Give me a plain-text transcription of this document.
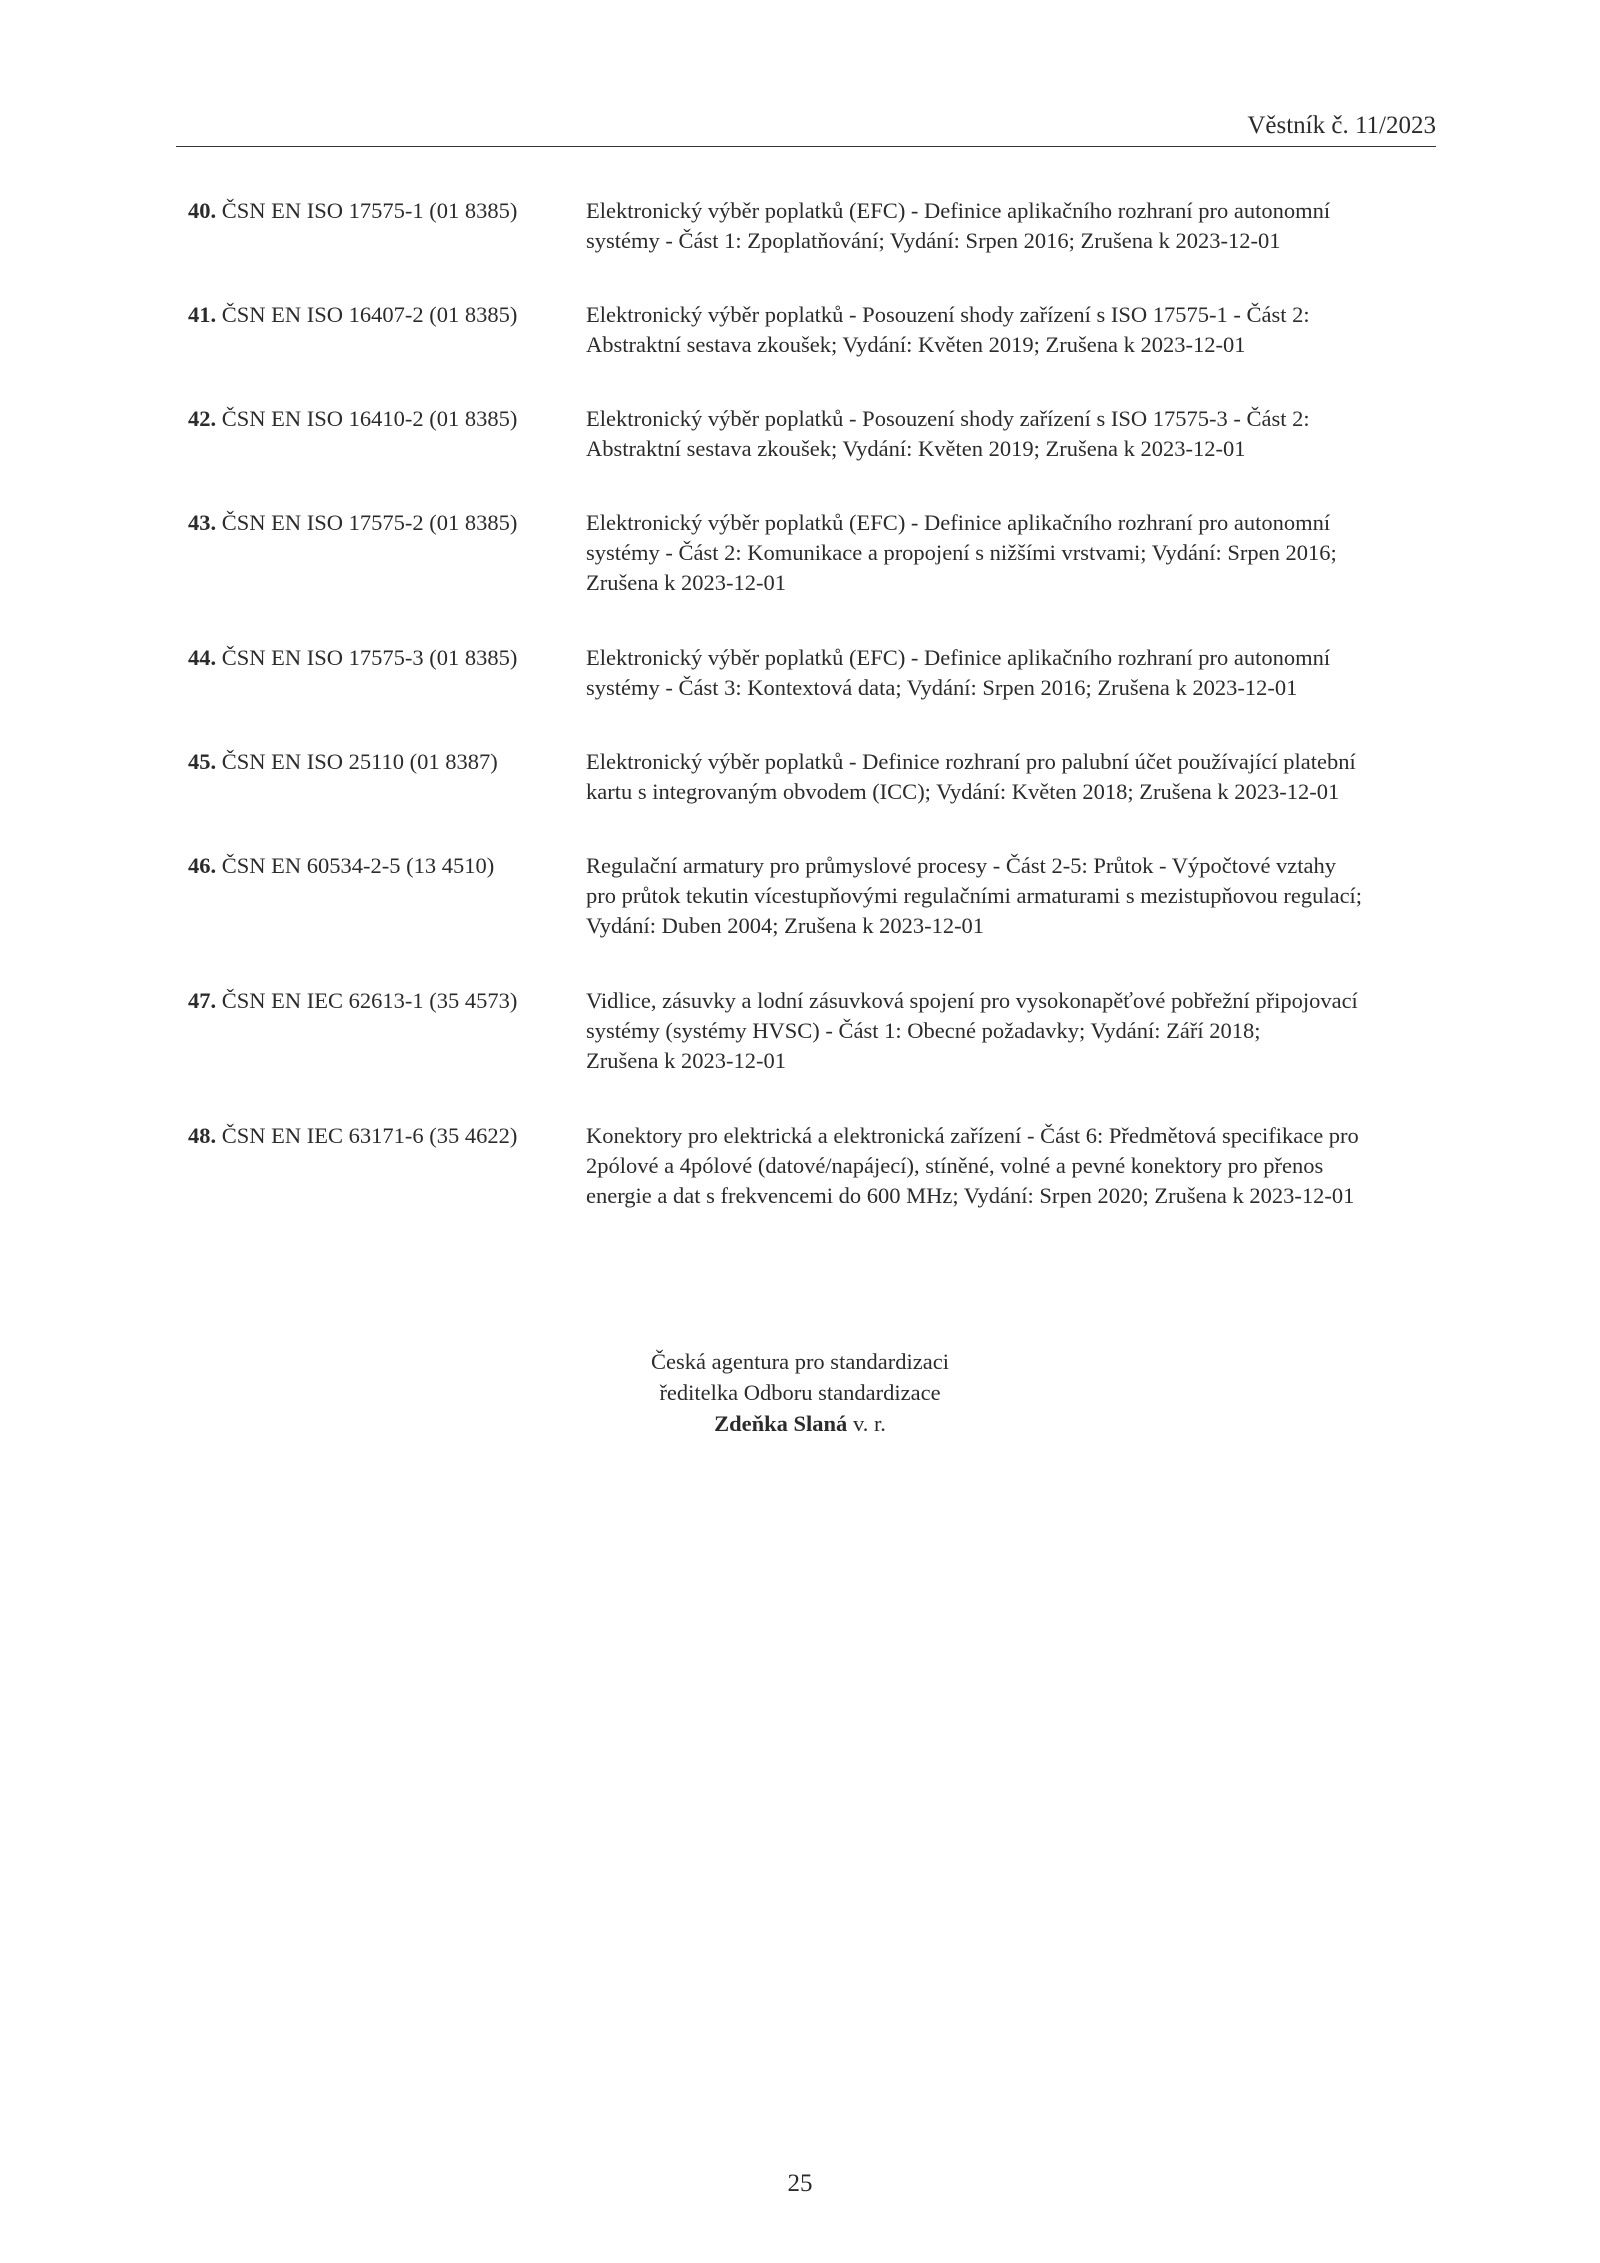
Věstník č. 11/2023
40. ČSN EN ISO 17575-1 (01 8385)	Elektronický výběr poplatků (EFC) - Definice aplikačního rozhraní pro autonomní
systémy - Část 1: Zpoplatňování; Vydání: Srpen 2016; Zrušena k 2023-12-01
41. ČSN EN ISO 16407-2 (01 8385)	Elektronický výběr poplatků - Posouzení shody zařízení s ISO 17575-1 - Část 2:
Abstraktní sestava zkoušek; Vydání: Květen 2019; Zrušena k 2023-12-01
42. ČSN EN ISO 16410-2 (01 8385)	Elektronický výběr poplatků - Posouzení shody zařízení s ISO 17575-3 - Část 2:
Abstraktní sestava zkoušek; Vydání: Květen 2019; Zrušena k 2023-12-01
43. ČSN EN ISO 17575-2 (01 8385)	Elektronický výběr poplatků (EFC) - Definice aplikačního rozhraní pro autonomní
systémy - Část 2: Komunikace a propojení s nižšími vrstvami; Vydání: Srpen 2016;
Zrušena k 2023-12-01
44. ČSN EN ISO 17575-3 (01 8385)	Elektronický výběr poplatků (EFC) - Definice aplikačního rozhraní pro autonomní
systémy - Část 3: Kontextová data; Vydání: Srpen 2016; Zrušena k 2023-12-01
45. ČSN EN ISO 25110 (01 8387)	Elektronický výběr poplatků - Definice rozhraní pro palubní účet používající platební
kartu s integrovaným obvodem (ICC); Vydání: Květen 2018; Zrušena k 2023-12-01
46. ČSN EN 60534-2-5 (13 4510)	Regulační armatury pro průmyslové procesy - Část 2-5: Průtok - Výpočtové vztahy
pro průtok tekutin vícestupňovými regulačními armaturami s mezistupňovou regulací;
Vydání: Duben 2004; Zrušena k 2023-12-01
47. ČSN EN IEC 62613-1 (35 4573)	Vidlice, zásuvky a lodní zásuvková spojení pro vysokonapěťové pobřežní připojovací
systémy (systémy HVSC) - Část 1: Obecné požadavky; Vydání: Září 2018;
Zrušena k 2023-12-01
48. ČSN EN IEC 63171-6 (35 4622)	Konektory pro elektrická a elektronická zařízení - Část 6: Předmětová specifikace pro
2pólové a 4pólové (datové/napájecí), stíněné, volné a pevné konektory pro přenos
energie a dat s frekvencemi do 600 MHz; Vydání: Srpen 2020; Zrušena k 2023-12-01
Česká agentura pro standardizaci
ředitelka Odboru standardizace
Zdeňka Slaná v. r.
25
